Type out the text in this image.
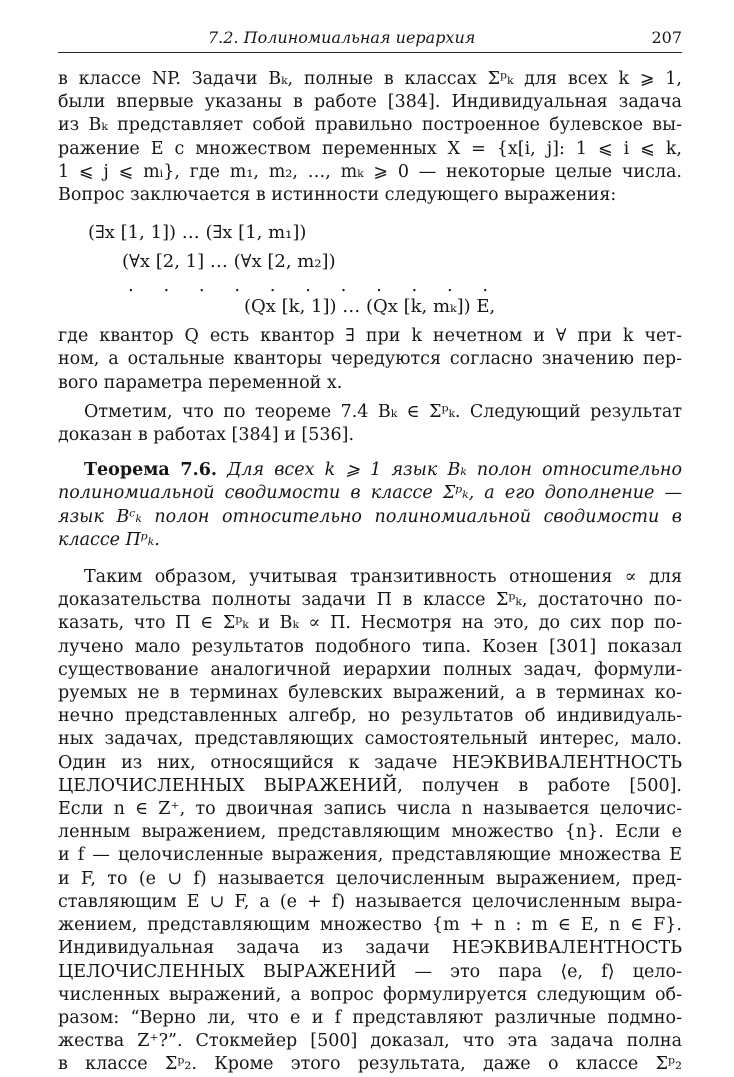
7.2. Полиномиальная иерархия	207
в классе NP. Задачи Bₖ, полные в классах Σᵖₖ для всех k ⩾ 1,
были впервые указаны в работе [384]. Индивидуальная задача
из Bₖ представляет собой правильно построенное булевское вы-
ражение E с множеством переменных X = {x[i, j]: 1 ⩽ i ⩽ k,
1 ⩽ j ⩽ mᵢ}, где m₁, m₂, …, mₖ ⩾ 0 — некоторые целые числа.
Вопрос заключается в истинности следующего выражения:
(∃x [1, 1]) … (∃x [1, m₁])
(∀x [2, 1] … (∀x [2, m₂])
. . . . . . . . . . .
(Qx [k, 1]) … (Qx [k, mₖ]) E,
где квантор Q есть квантор ∃ при k нечетном и ∀ при k чет-
ном, а остальные кванторы чередуются согласно значению пер-
вого параметра переменной x.
Отметим, что по теореме 7.4 Bₖ ∈ Σᵖₖ. Следующий результат
доказан в работах [384] и [536].
Теорема 7.6. Для всех k ⩾ 1 язык Bₖ полон относительно
полиномиальной сводимости в классе Σᵖₖ, а его дополнение —
язык Bᶜₖ полон относительно полиномиальной сводимости в
классе Πᵖₖ.
Таким образом, учитывая транзитивность отношения ∝ для
доказательства полноты задачи Π в классе Σᵖₖ, достаточно по-
казать, что Π ∈ Σᵖₖ и Bₖ ∝ Π. Несмотря на это, до сих пор по-
лучено мало результатов подобного типа. Козен [301] показал
существование аналогичной иерархии полных задач, формули-
руемых не в терминах булевских выражений, а в терминах ко-
нечно представленных алгебр, но результатов об индивидуаль-
ных задачах, представляющих самостоятельный интерес, мало.
Один из них, относящийся к задаче НЕЭКВИВАЛЕНТНОСТЬ
ЦЕЛОЧИСЛЕННЫХ ВЫРАЖЕНИЙ, получен в работе [500].
Если n ∈ Z⁺, то двоичная запись числа n называется целочис-
ленным выражением, представляющим множество {n}. Если e
и f — целочисленные выражения, представляющие множества E
и F, то (e ∪ f) называется целочисленным выражением, пред-
ставляющим E ∪ F, а (e + f) называется целочисленным выра-
жением, представляющим множество {m + n : m ∈ E, n ∈ F}.
Индивидуальная задача из задачи НЕЭКВИВАЛЕНТНОСТЬ
ЦЕЛОЧИСЛЕННЫХ ВЫРАЖЕНИЙ — это пара ⟨e, f⟩ цело-
численных выражений, а вопрос формулируется следующим об-
разом: “Верно ли, что e и f представляют различные подмно-
жества Z⁺?”. Стокмейер [500] доказал, что эта задача полна
в классе Σᵖ₂. Кроме этого результата, даже о классе Σᵖ₂
